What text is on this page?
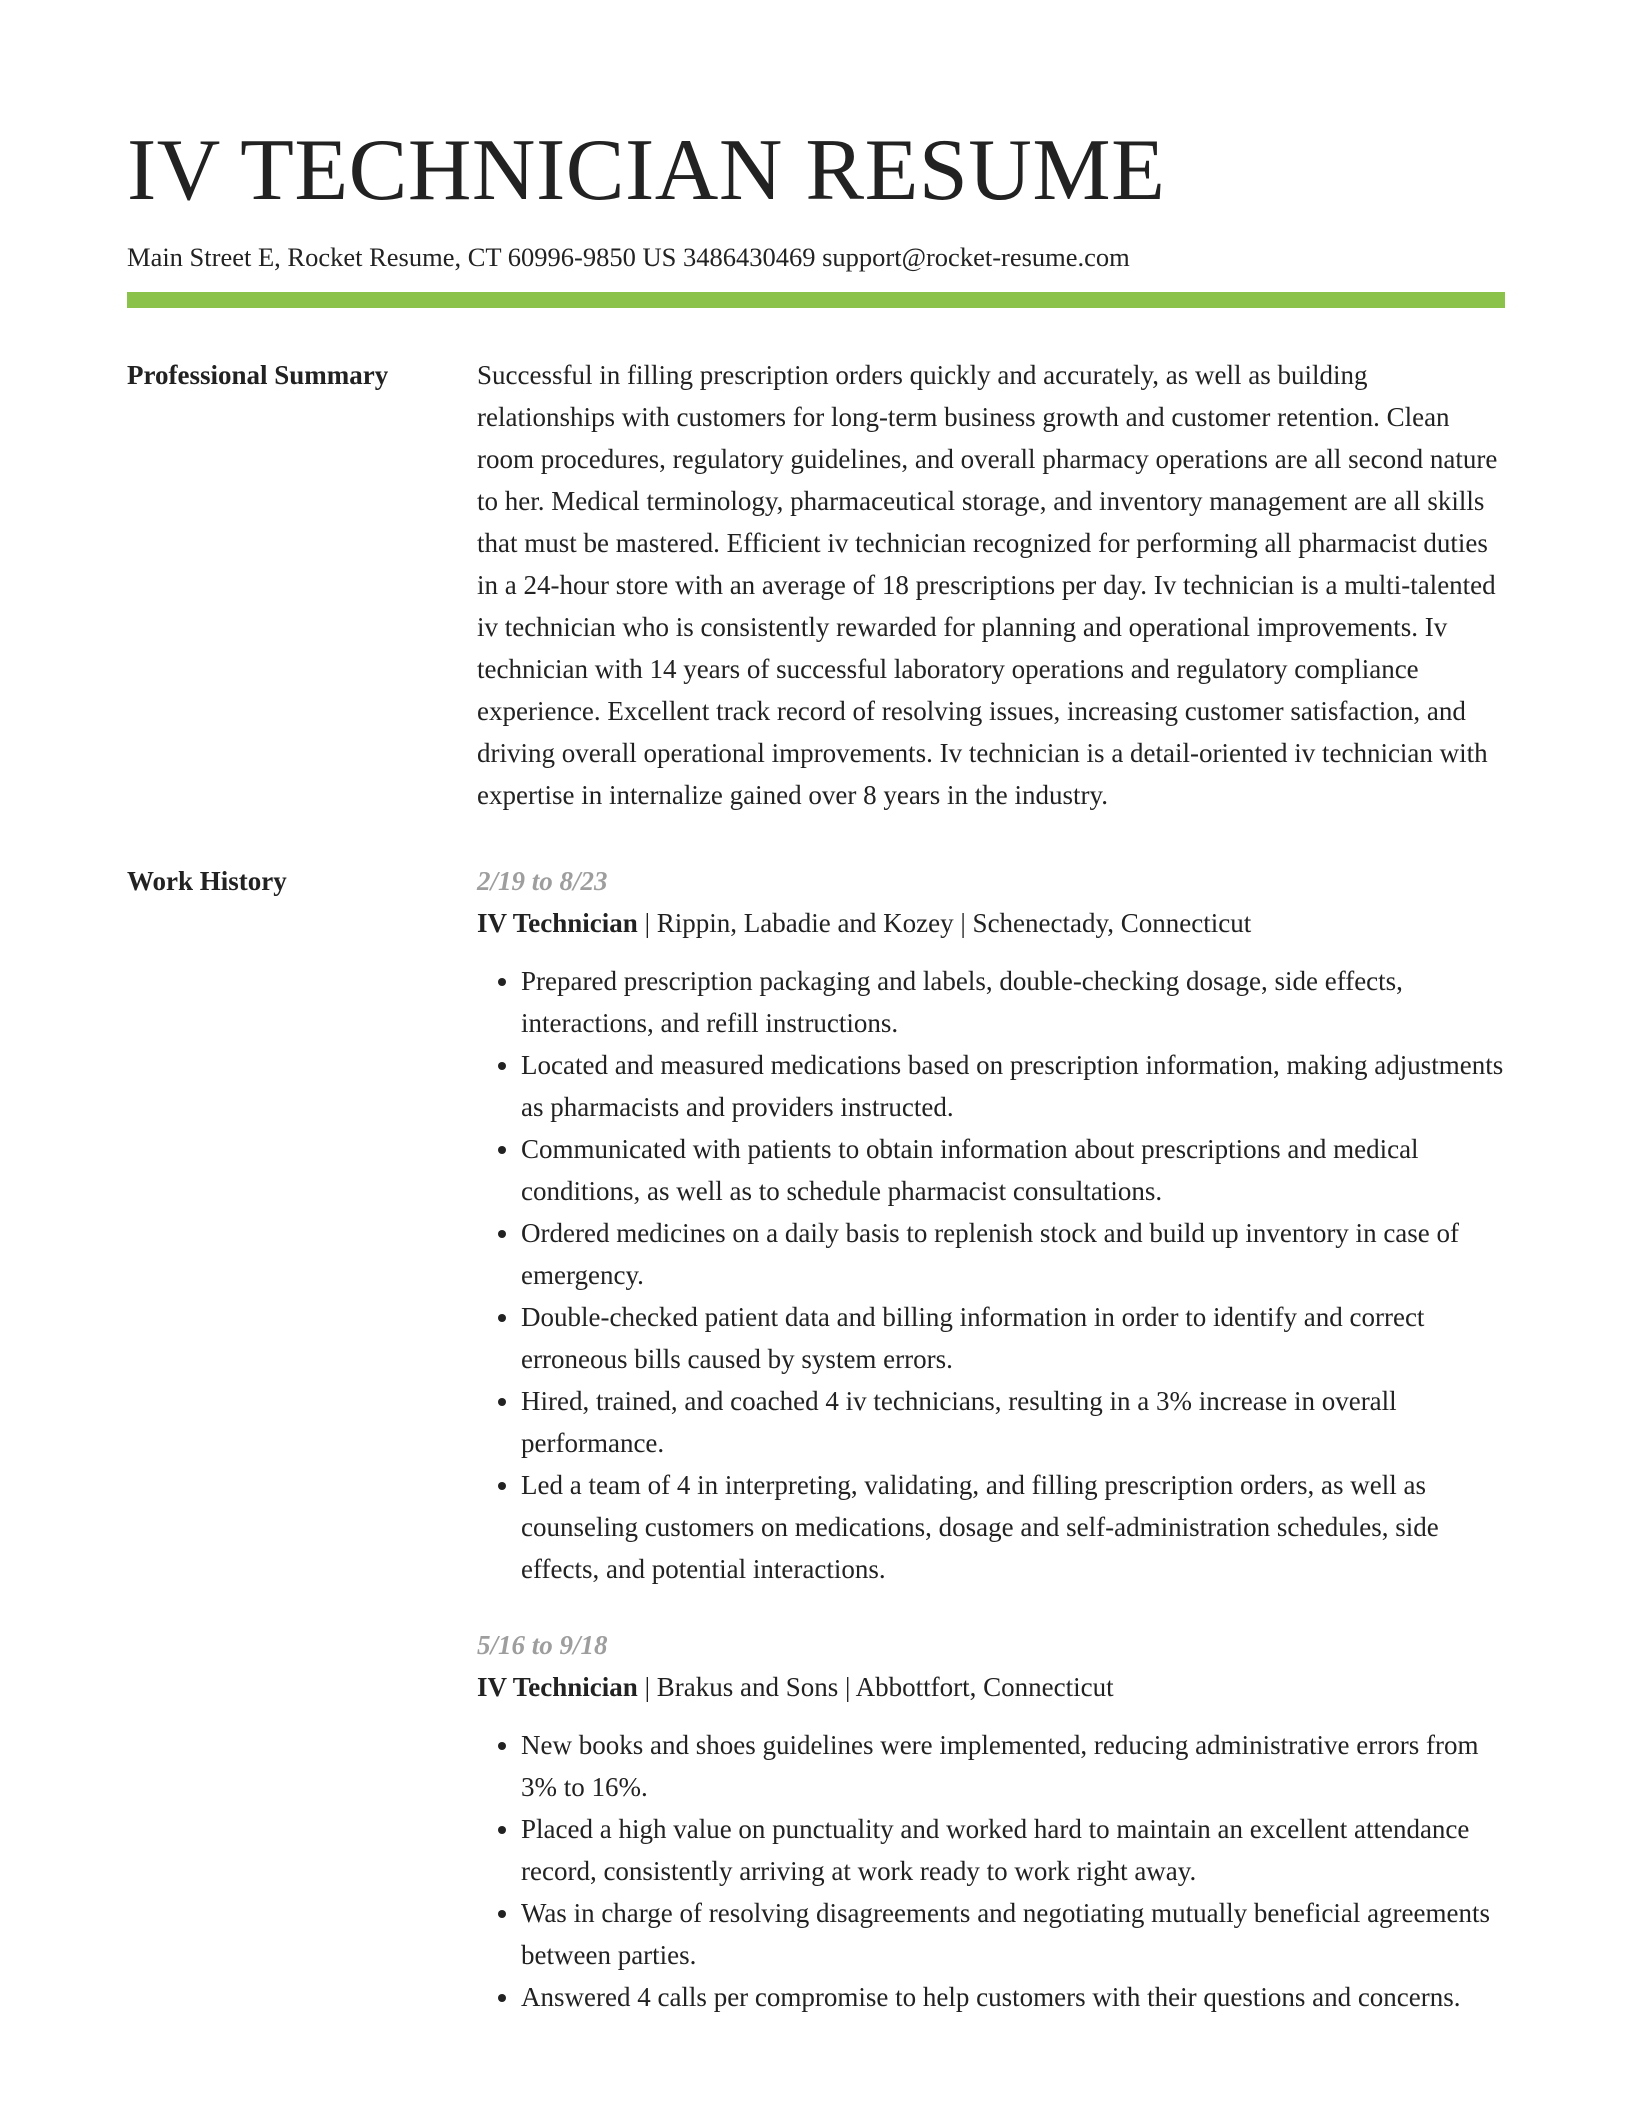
IV TECHNICIAN RESUME
Main Street E, Rocket Resume, CT 60996-9850 US 3486430469 support@rocket-resume.com
Professional Summary	Successful in filling prescription orders quickly and accurately, as well as building relationships with customers for long-term business growth and customer retention. Clean room procedures, regulatory guidelines, and overall pharmacy operations are all second nature to her. Medical terminology, pharmaceutical storage, and inventory management are all skills that must be mastered. Efficient iv technician recognized for performing all pharmacist duties in a 24-hour store with an average of 18 prescriptions per day. Iv technician is a multi-talented iv technician who is consistently rewarded for planning and operational improvements. Iv technician with 14 years of successful laboratory operations and regulatory compliance experience. Excellent track record of resolving issues, increasing customer satisfaction, and driving overall operational improvements. Iv technician is a detail-oriented iv technician with expertise in internalize gained over 8 years in the industry.

Work History	2/19 to 8/23
IV Technician | Rippin, Labadie and Kozey | Schenectady, Connecticut
• Prepared prescription packaging and labels, double-checking dosage, side effects, interactions, and refill instructions.
• Located and measured medications based on prescription information, making adjustments as pharmacists and providers instructed.
• Communicated with patients to obtain information about prescriptions and medical conditions, as well as to schedule pharmacist consultations.
• Ordered medicines on a daily basis to replenish stock and build up inventory in case of emergency.
• Double-checked patient data and billing information in order to identify and correct erroneous bills caused by system errors.
• Hired, trained, and coached 4 iv technicians, resulting in a 3% increase in overall performance.
• Led a team of 4 in interpreting, validating, and filling prescription orders, as well as counseling customers on medications, dosage and self-administration schedules, side effects, and potential interactions.
5/16 to 9/18
IV Technician | Brakus and Sons | Abbottfort, Connecticut
• New books and shoes guidelines were implemented, reducing administrative errors from 3% to 16%.
• Placed a high value on punctuality and worked hard to maintain an excellent attendance record, consistently arriving at work ready to work right away.
• Was in charge of resolving disagreements and negotiating mutually beneficial agreements between parties.
• Answered 4 calls per compromise to help customers with their questions and concerns.
